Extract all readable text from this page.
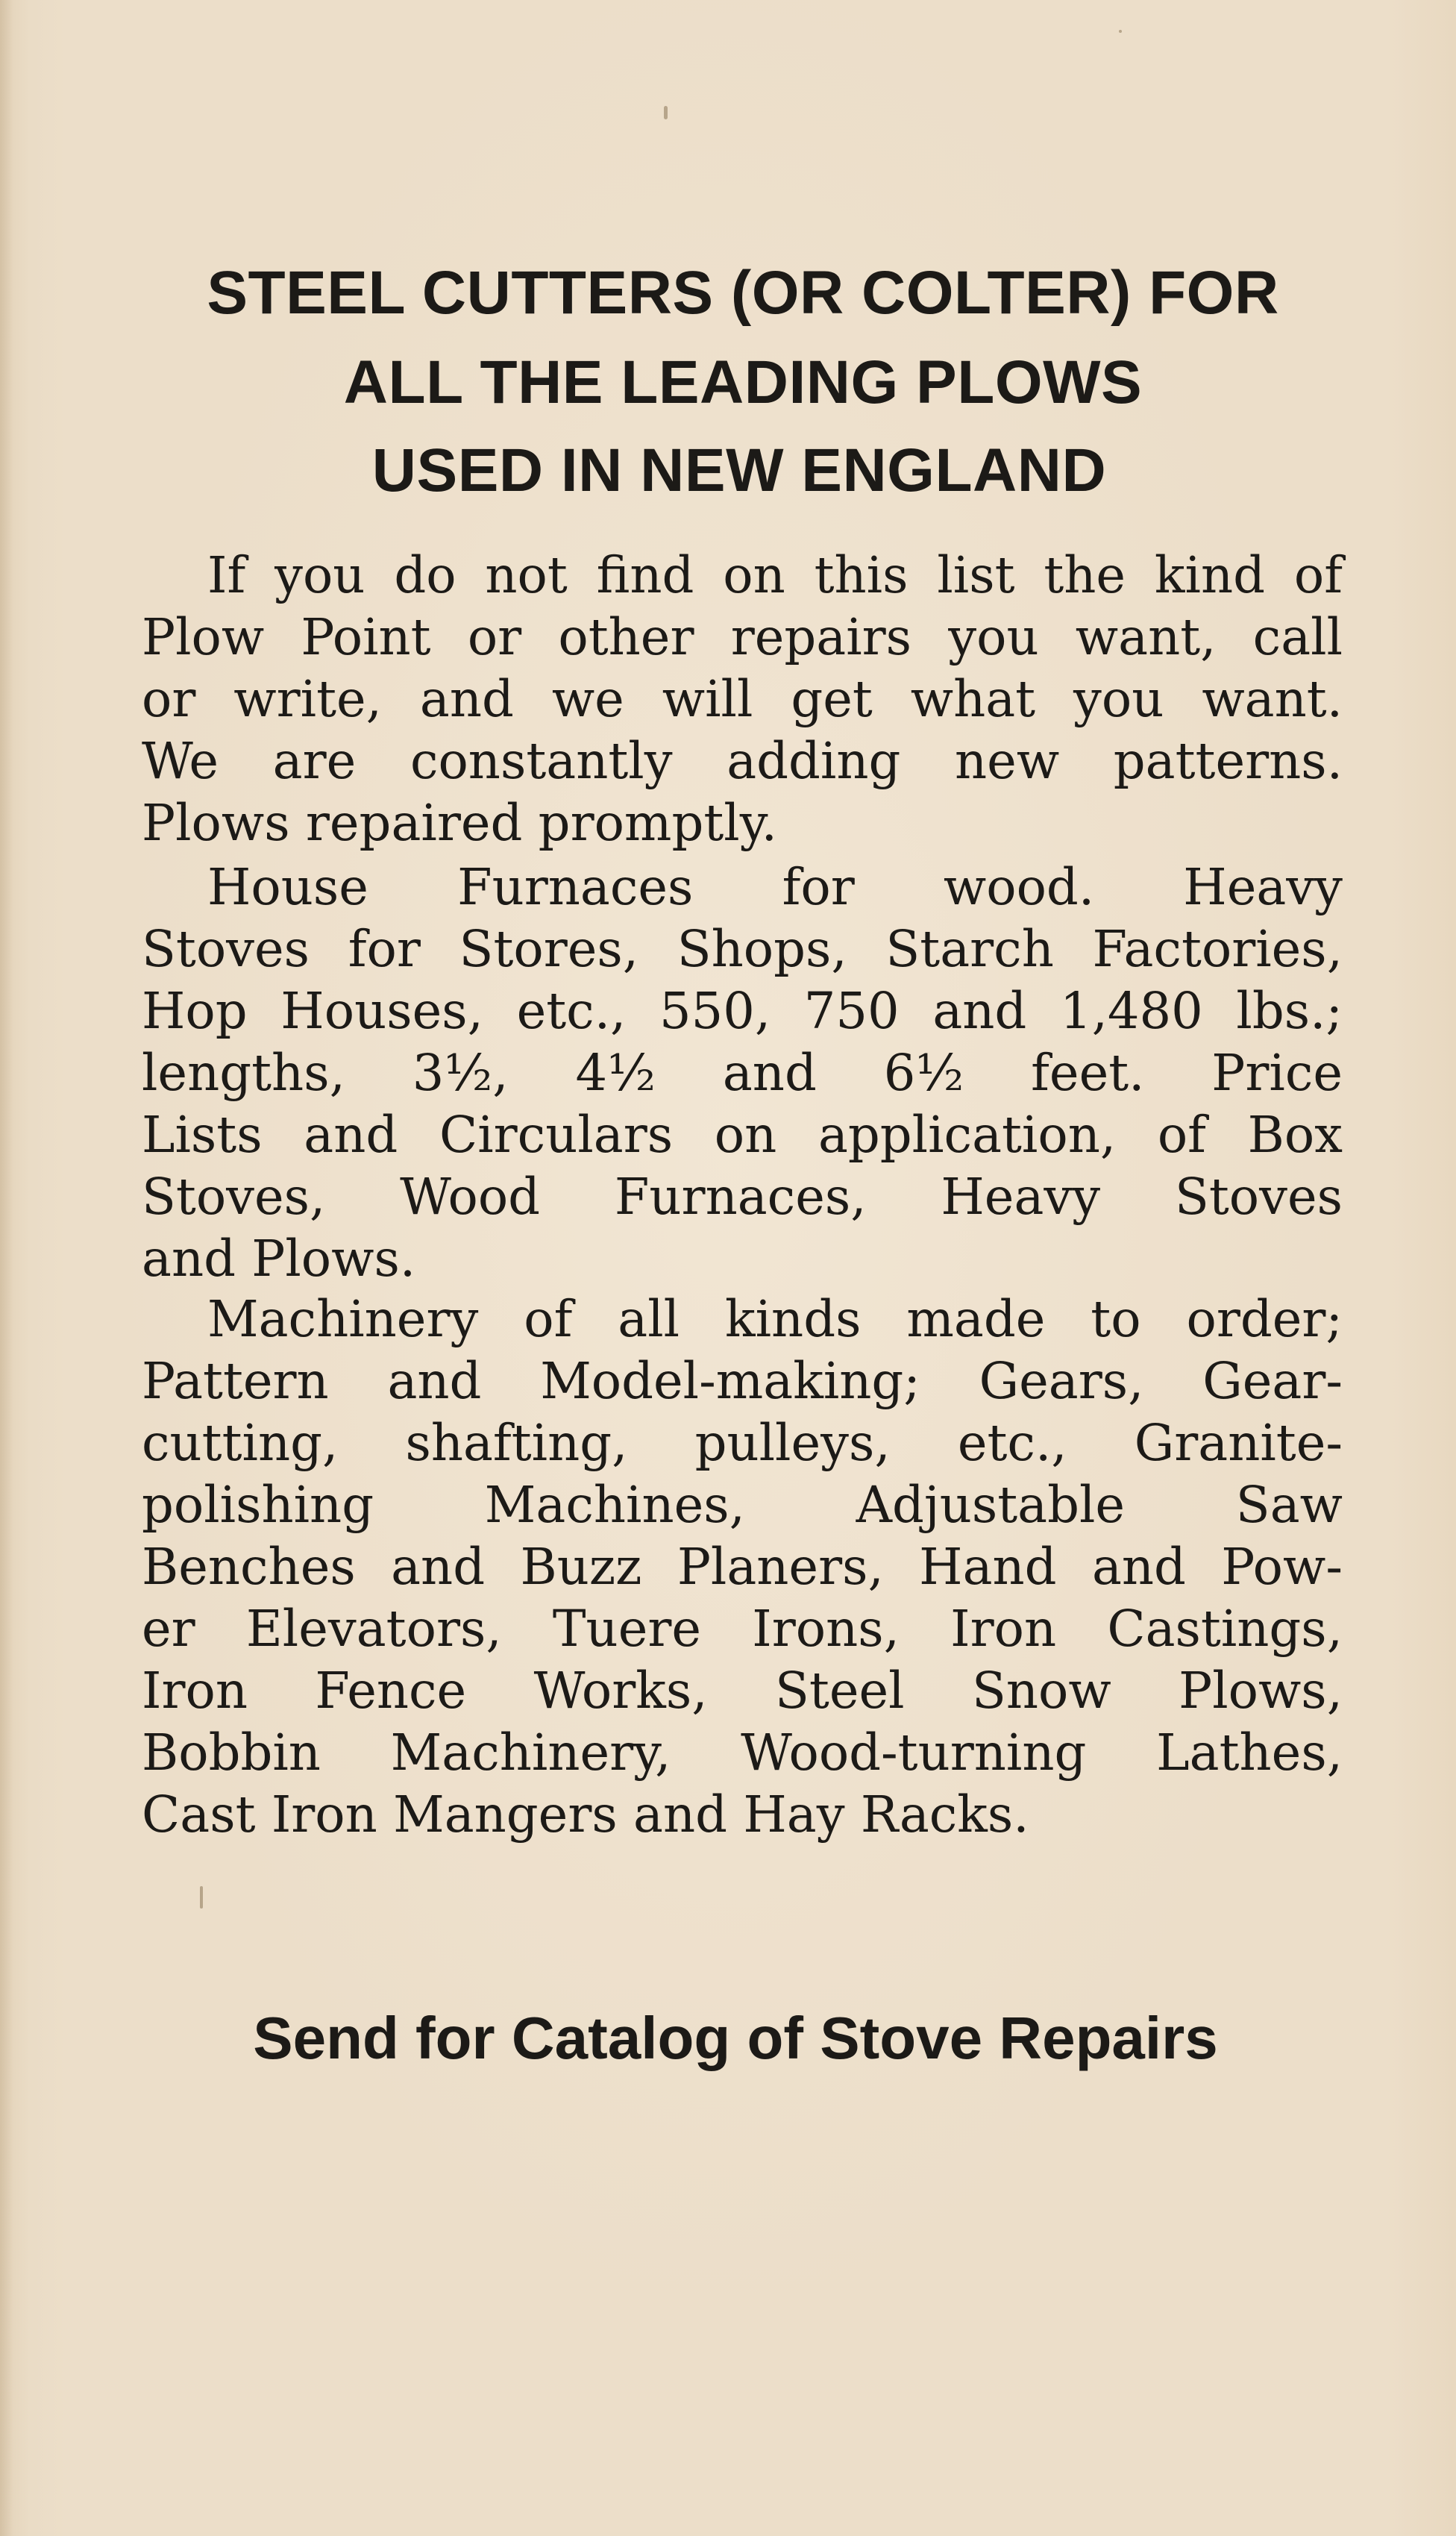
STEEL CUTTERS (OR COLTER) FOR
ALL THE LEADING PLOWS
USED IN NEW ENGLAND
If you do not find on this list the kind of
Plow Point or other repairs you want, call
or write, and we will get what you want.
We are constantly adding new patterns.
Plows repaired promptly.
House Furnaces for wood. Heavy
Stoves for Stores, Shops, Starch Factories,
Hop Houses, etc., 550, 750 and 1,480 lbs.;
lengths, 3½, 4½ and 6½ feet. Price
Lists and Circulars on application, of Box
Stoves, Wood Furnaces, Heavy Stoves
and Plows.
Machinery of all kinds made to order;
Pattern and Model-making; Gears, Gear-
cutting, shafting, pulleys, etc., Granite-
polishing Machines, Adjustable Saw
Benches and Buzz Planers, Hand and Pow-
er Elevators, Tuere Irons, Iron Castings,
Iron Fence Works, Steel Snow Plows,
Bobbin Machinery, Wood-turning Lathes,
Cast Iron Mangers and Hay Racks.
Send for Catalog of Stove Repairs
